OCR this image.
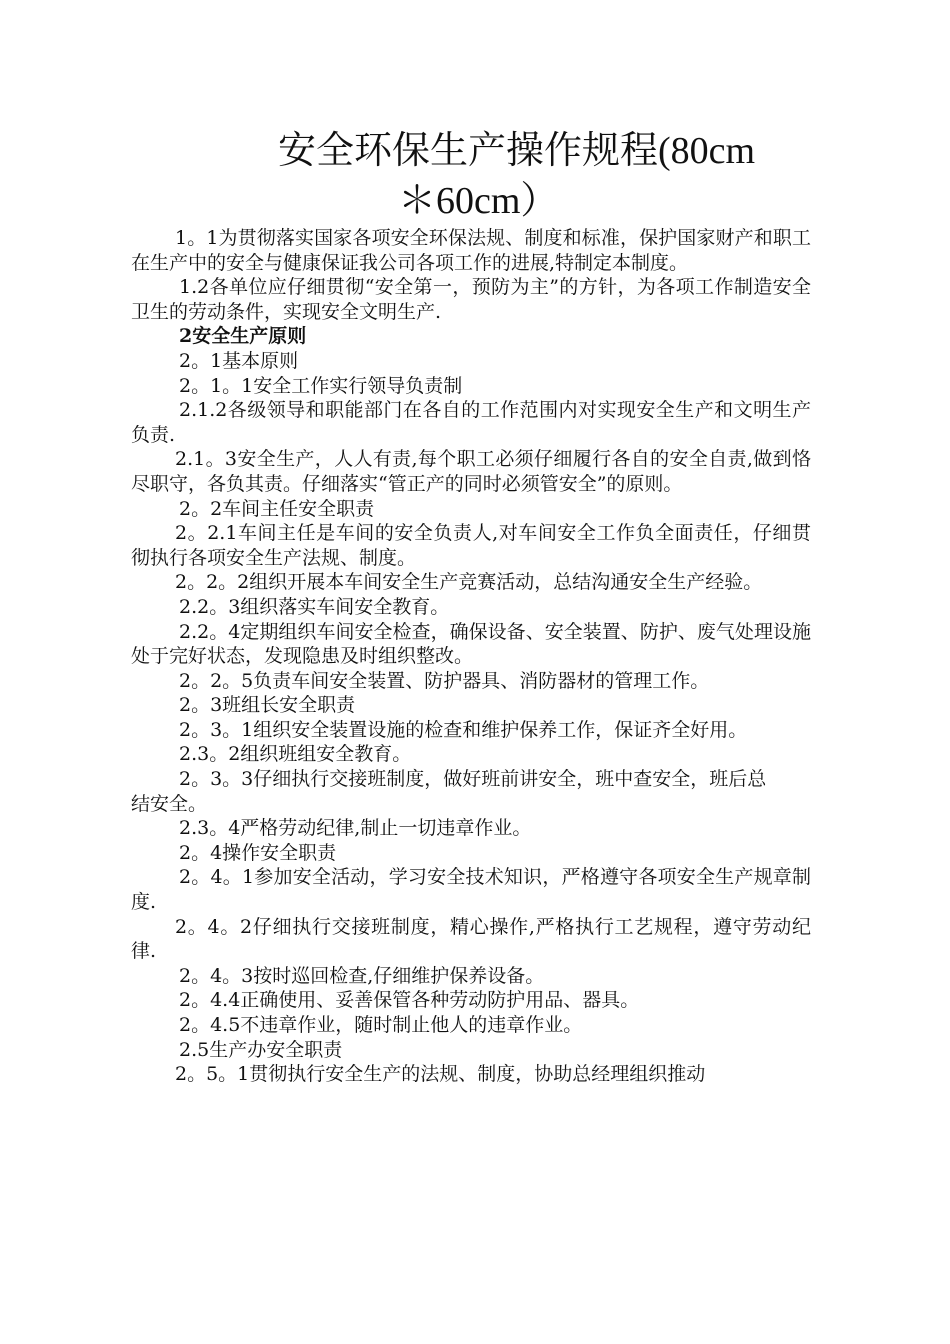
安全环保生产操作规程(80cm
＊60cm）

1。1为贯彻落实国家各项安全环保法规、制度和标准，保护国家财产和职工在生产中的安全与健康保证我公司各项工作的进展,特制定本制度。

1.2各单位应仔细贯彻“安全第一，预防为主”的方针，为各项工作制造安全卫生的劳动条件，实现安全文明生产.

2安全生产原则

2。1基本原则

2。1。1安全工作实行领导负责制

2.1.2各级领导和职能部门在各自的工作范围内对实现安全生产和文明生产负责.

2.1。3安全生产，人人有责,每个职工必须仔细履行各自的安全自责,做到恪尽职守，各负其责。仔细落实“管正产的同时必须管安全”的原则。

2。2车间主任安全职责

2。2.1车间主任是车间的安全负责人,对车间安全工作负全面责任，仔细贯彻执行各项安全生产法规、制度。

2。2。2组织开展本车间安全生产竞赛活动，总结沟通安全生产经验。

2.2。3组织落实车间安全教育。

2.2。4定期组织车间安全检查，确保设备、安全装置、防护、废气处理设施处于完好状态，发现隐患及时组织整改。

2。2。5负责车间安全装置、防护器具、消防器材的管理工作。

2。3班组长安全职责

2。3。1组织安全装置设施的检查和维护保养工作，保证齐全好用。

2.3。2组织班组安全教育。

2。3。3仔细执行交接班制度，做好班前讲安全，班中查安全，班后总

结安全。

2.3。4严格劳动纪律,制止一切违章作业。

2。4操作安全职责

2。4。1参加安全活动，学习安全技术知识，严格遵守各项安全生产规章制度.

2。4。2仔细执行交接班制度，精心操作,严格执行工艺规程，遵守劳动纪律.

2。4。3按时巡回检查,仔细维护保养设备。

2。4.4正确使用、妥善保管各种劳动防护用品、器具。

2。4.5不违章作业，随时制止他人的违章作业。

2.5生产办安全职责

2。5。1贯彻执行安全生产的法规、制度，协助总经理组织推动
